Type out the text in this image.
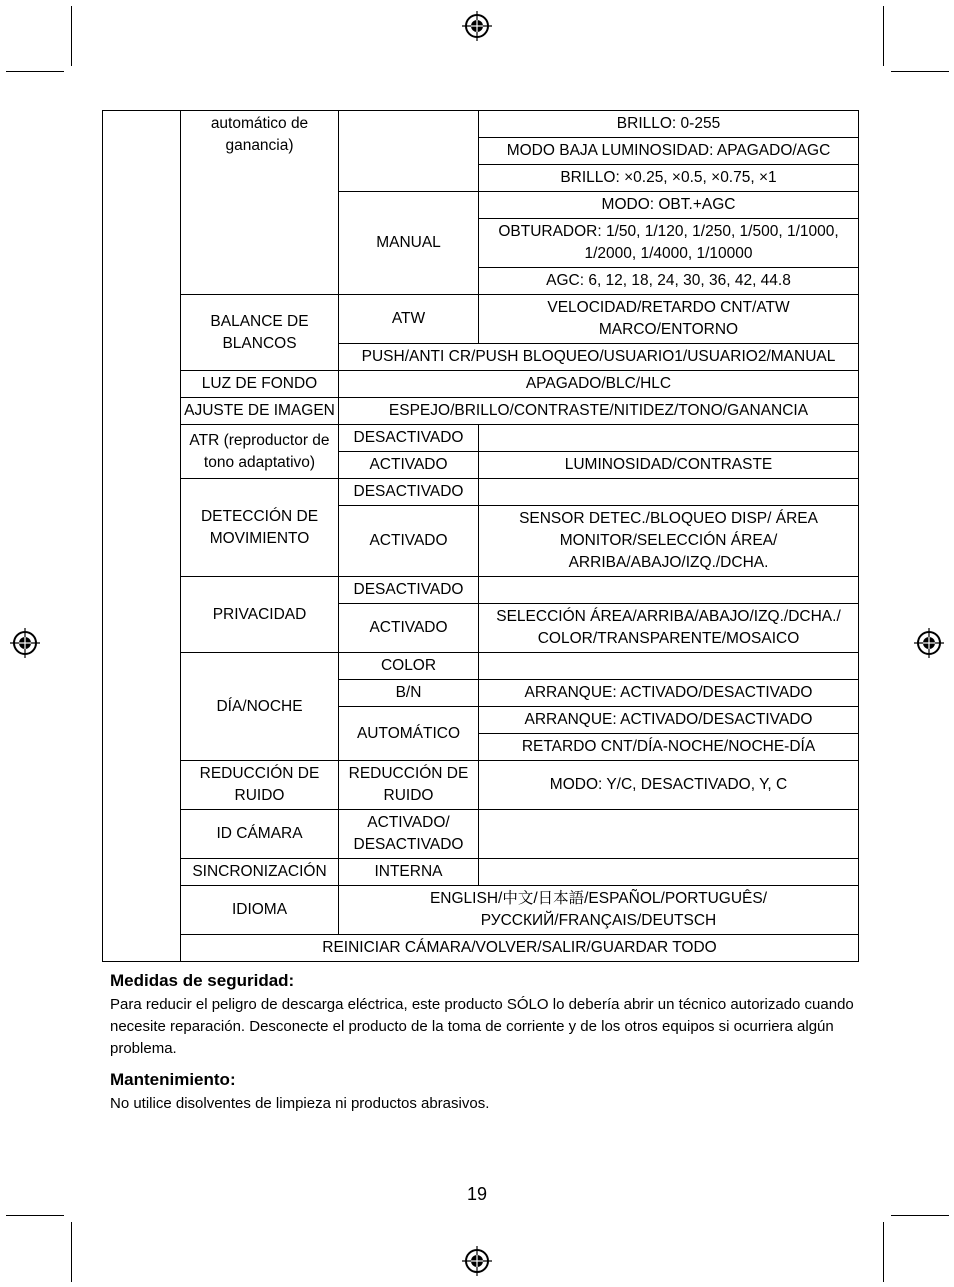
	automático de ganancia)		BRILLO: 0-255
			MODO BAJA LUMINOSIDAD: APAGADO/AGC
			BRILLO: ×0.25, ×0.5, ×0.75, ×1
		MANUAL	MODO: OBT.+AGC
			OBTURADOR: 1/50, 1/120, 1/250, 1/500, 1/1000, 1/2000, 1/4000, 1/10000
			AGC: 6, 12, 18, 24, 30, 36, 42, 44.8
	BALANCE DE BLANCOS	ATW	VELOCIDAD/RETARDO CNT/ATW MARCO/ENTORNO
		PUSH/ANTI CR/PUSH BLOQUEO/USUARIO1/USUARIO2/MANUAL	
	LUZ DE FONDO	APAGADO/BLC/HLC	
	AJUSTE DE IMAGEN	ESPEJO/BRILLO/CONTRASTE/NITIDEZ/TONO/GANANCIA	
	ATR (reproductor de tono adaptativo)	DESACTIVADO	
		ACTIVADO	LUMINOSIDAD/CONTRASTE
	DETECCIÓN DE MOVIMIENTO	DESACTIVADO	
		ACTIVADO	SENSOR DETEC./BLOQUEO DISP/ ÁREA MONITOR/SELECCIÓN ÁREA/ ARRIBA/ABAJO/IZQ./DCHA.
	PRIVACIDAD	DESACTIVADO	
		ACTIVADO	SELECCIÓN ÁREA/ARRIBA/ABAJO/IZQ./DCHA./ COLOR/TRANSPARENTE/MOSAICO
	DÍA/NOCHE	COLOR	
		B/N	ARRANQUE: ACTIVADO/DESACTIVADO
		AUTOMÁTICO	ARRANQUE: ACTIVADO/DESACTIVADO
			RETARDO CNT/DÍA-NOCHE/NOCHE-DÍA
	REDUCCIÓN DE RUIDO	REDUCCIÓN DE RUIDO	MODO: Y/C, DESACTIVADO, Y, C
	ID CÁMARA	ACTIVADO/ DESACTIVADO	
	SINCRONIZACIÓN	INTERNA	
	IDIOMA	ENGLISH/中文/日本語/ESPAÑOL/PORTUGUÊS/ РУССКИЙ/FRANÇAIS/DEUTSCH	
	REINICIAR CÁMARA/VOLVER/SALIR/GUARDAR TODO		
Medidas de seguridad:

Para reducir el peligro de descarga eléctrica, este producto SÓLO lo debería abrir un técnico autorizado cuando necesite reparación. Desconecte el producto de la toma de corriente y de los otros equipos si ocurriera algún problema.

Mantenimiento:

No utilice disolventes de limpieza ni productos abrasivos.

19
